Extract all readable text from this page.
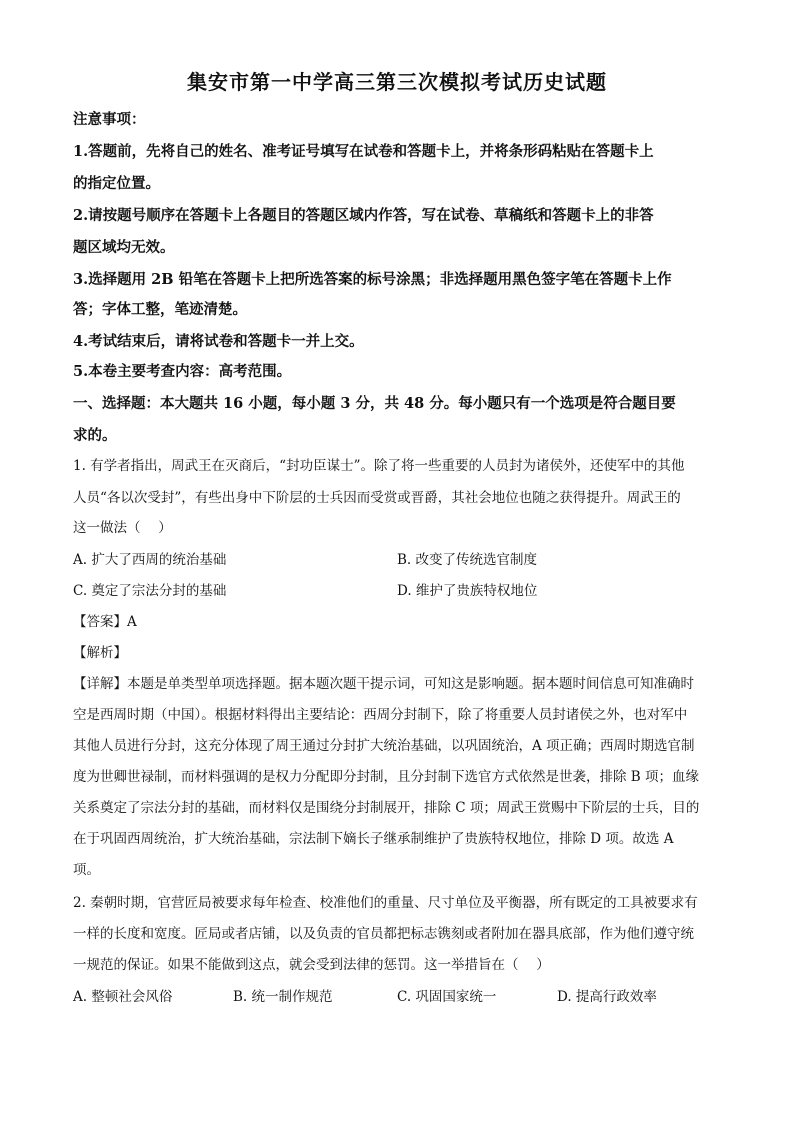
集安市第一中学高三第三次模拟考试历史试题
注意事项：
1.答题前，先将自己的姓名、准考证号填写在试卷和答题卡上，并将条形码粘贴在答题卡上
的指定位置。
2.请按题号顺序在答题卡上各题目的答题区域内作答，写在试卷、草稿纸和答题卡上的非答
题区域均无效。
3.选择题用 2B 铅笔在答题卡上把所选答案的标号涂黑；非选择题用黑色签字笔在答题卡上作
答；字体工整，笔迹清楚。
4.考试结束后，请将试卷和答题卡一并上交。
5.本卷主要考查内容：高考范围。
一、选择题：本大题共 16 小题，每小题 3 分，共 48 分。每小题只有一个选项是符合题目要
求的。
1. 有学者指出，周武王在灭商后，“封功臣谋士”。除了将一些重要的人员封为诸侯外，还使军中的其他
人员“各以次受封”，有些出身中下阶层的士兵因而受赏或晋爵，其社会地位也随之获得提升。周武王的
这一做法（　 ）
A. 扩大了西周的统治基础	B. 改变了传统选官制度
C. 奠定了宗法分封的基础	D. 维护了贵族特权地位
【答案】A
【解析】
【详解】本题是单类型单项选择题。据本题次题干提示词，可知这是影响题。据本题时间信息可知准确时
空是西周时期（中国）。根据材料得出主要结论：西周分封制下，除了将重要人员封诸侯之外，也对军中
其他人员进行分封，这充分体现了周王通过分封扩大统治基础，以巩固统治，A 项正确；西周时期选官制
度为世卿世禄制，而材料强调的是权力分配即分封制，且分封制下选官方式依然是世袭，排除 B 项；血缘
关系奠定了宗法分封的基础，而材料仅是围绕分封制展开，排除 C 项；周武王赏赐中下阶层的士兵，目的
在于巩固西周统治，扩大统治基础，宗法制下嫡长子继承制维护了贵族特权地位，排除 D 项。故选 A
项。
2. 秦朝时期，官营匠局被要求每年检查、校准他们的重量、尺寸单位及平衡器，所有既定的工具被要求有
一样的长度和宽度。匠局或者店铺，以及负责的官员都把标志镌刻或者附加在器具底部，作为他们遵守统
一规范的保证。如果不能做到这点，就会受到法律的惩罚。这一举措旨在（　 ）
A. 整顿社会风俗	B. 统一制作规范	C. 巩固国家统一	D. 提高行政效率
